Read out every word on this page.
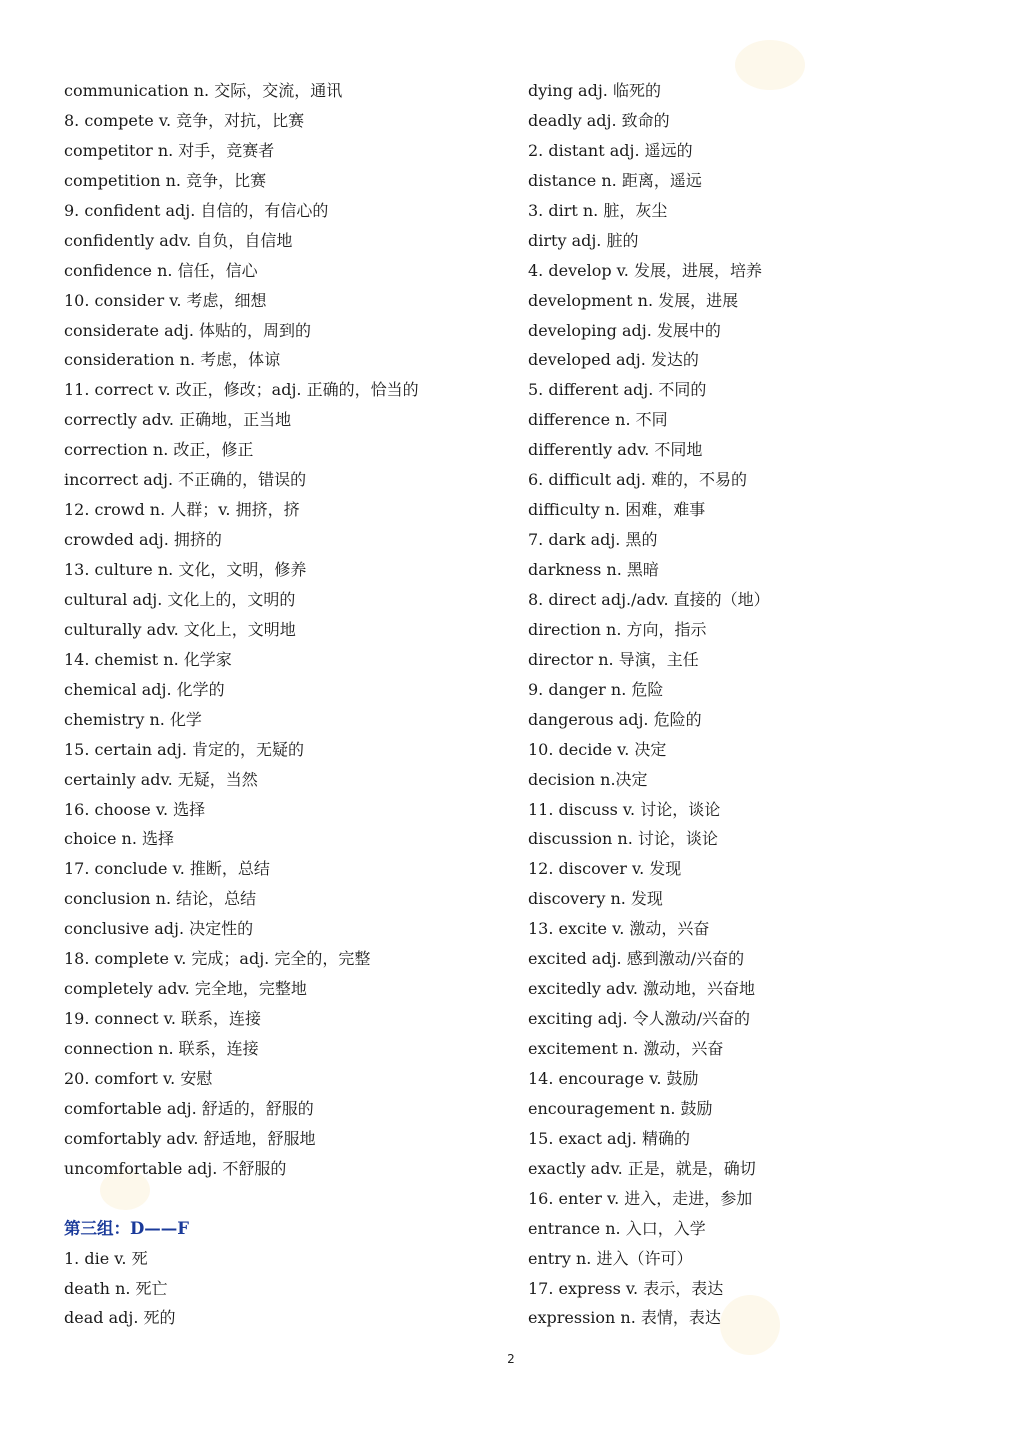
communication n. 交际，交流，通讯
8. compete v. 竞争，对抗，比赛
competitor n. 对手，竞赛者
competition n. 竞争，比赛
9. confident adj. 自信的，有信心的
confidently adv. 自负，自信地
confidence n. 信任，信心
10. consider v. 考虑，细想
considerate adj. 体贴的，周到的
consideration n. 考虑，体谅
11. correct v. 改正，修改；adj. 正确的，恰当的
correctly adv. 正确地，正当地
correction n. 改正，修正
incorrect adj. 不正确的，错误的
12. crowd n. 人群；v. 拥挤，挤
crowded adj. 拥挤的
13. culture n. 文化，文明，修养
cultural adj. 文化上的，文明的
culturally adv. 文化上，文明地
14. chemist n. 化学家
chemical adj. 化学的
chemistry n. 化学
15. certain adj. 肯定的，无疑的
certainly adv. 无疑，当然
16. choose v. 选择
choice n. 选择
17. conclude v. 推断，总结
conclusion n. 结论，总结
conclusive adj. 决定性的
18. complete v. 完成；adj. 完全的，完整
completely adv. 完全地，完整地
19. connect v. 联系，连接
connection n. 联系，连接
20. comfort v. 安慰
comfortable adj. 舒适的，舒服的
comfortably adv. 舒适地，舒服地
uncomfortable adj. 不舒服的
第三组：D——F
1. die v. 死
death n. 死亡
dead adj. 死的
dying adj. 临死的
deadly adj. 致命的
2. distant adj. 遥远的
distance n. 距离，遥远
3. dirt n. 脏，灰尘
dirty adj. 脏的
4. develop v. 发展，进展，培养
development n. 发展，进展
developing adj. 发展中的
developed adj. 发达的
5. different adj. 不同的
difference n. 不同
differently adv. 不同地
6. difficult adj. 难的，不易的
difficulty n. 困难，难事
7. dark adj. 黑的
darkness n. 黑暗
8. direct adj./adv. 直接的（地）
direction n. 方向，指示
director n. 导演，主任
9. danger n. 危险
dangerous adj. 危险的
10. decide v. 决定
decision n.决定
11. discuss v. 讨论，谈论
discussion n. 讨论，谈论
12. discover v. 发现
discovery n. 发现
13. excite v. 激动，兴奋
excited adj. 感到激动/兴奋的
excitedly adv. 激动地，兴奋地
exciting adj. 令人激动/兴奋的
excitement n. 激动，兴奋
14. encourage v. 鼓励
encouragement n. 鼓励
15. exact adj. 精确的
exactly adv. 正是，就是，确切
16. enter v. 进入，走进，参加
entrance n. 入口，入学
entry n. 进入（许可）
17. express v. 表示，表达
expression n. 表情，表达
2
